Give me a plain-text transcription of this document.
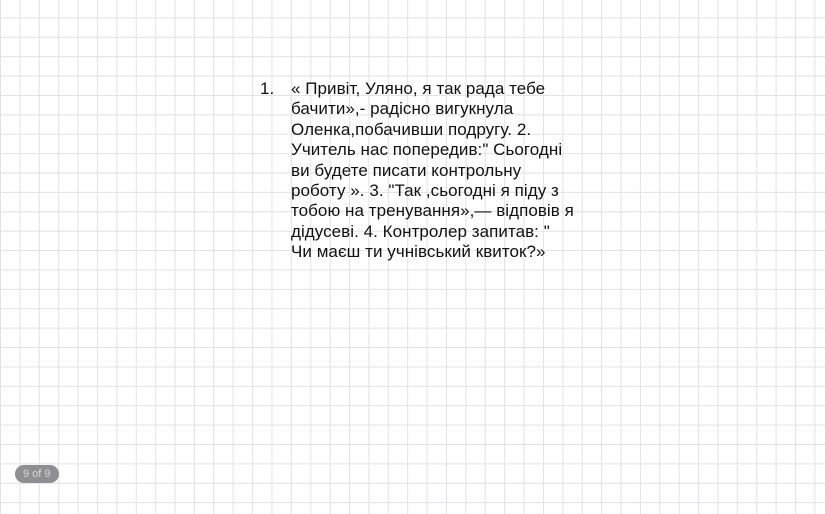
1. « Привіт, Уляно, я так рада тебе
бачити»,- радісно вигукнула
Оленка,побачивши подругу. 2.
Учитель нас попередив:" Сьогодні
ви будете писати контрольну
роботу ». 3. "Так ,сьогодні я піду з
тобою на тренування»,— відповів я
дідусеві. 4. Контролер запитав: "
Чи маєш ти учнівський квиток?»
9 of 9
